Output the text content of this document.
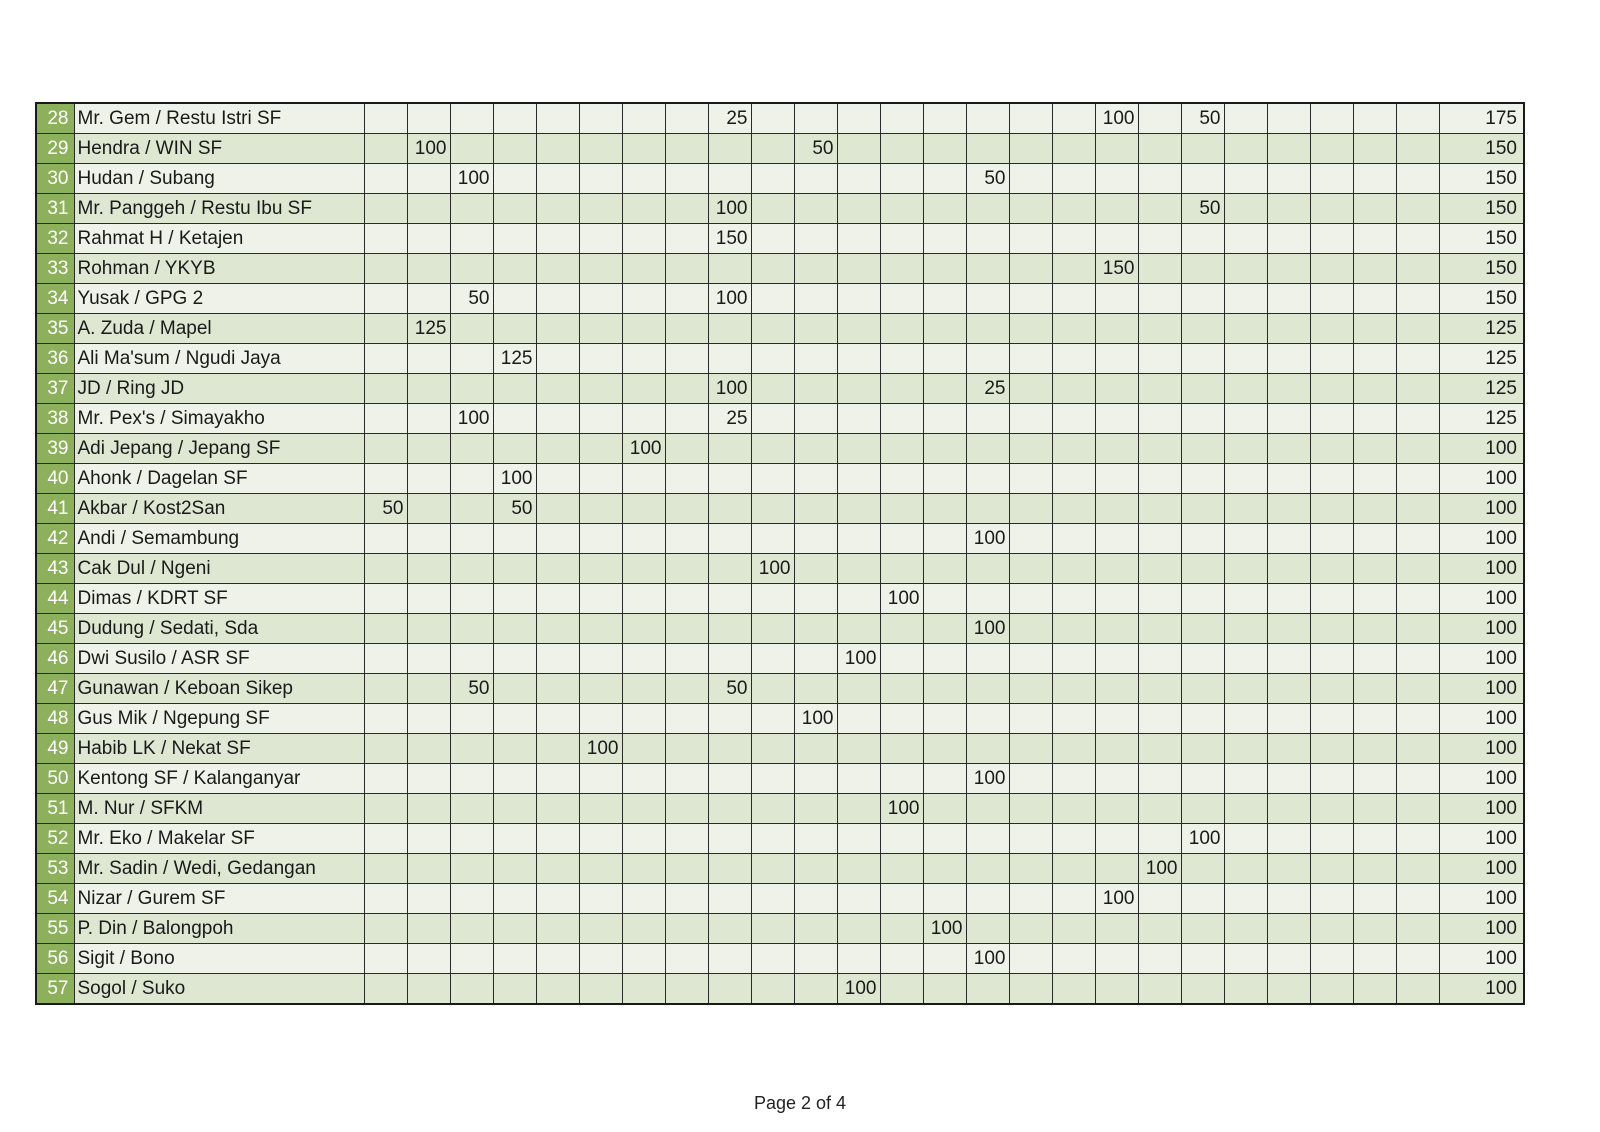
28	Mr. Gem / Restu Istri SF									25									100		50						175
29	Hendra / WIN SF		100									50															150
30	Hudan / Subang			100												50											150
31	Mr. Panggeh / Restu Ibu SF									100											50						150
32	Rahmat H / Ketajen									150																	150
33	Rohman / YKYB																		150								150
34	Yusak / GPG 2			50						100																	150
35	A. Zuda / Mapel		125																								125
36	Ali Ma'sum / Ngudi Jaya				125																						125
37	JD / Ring JD									100						25											125
38	Mr. Pex's / Simayakho			100						25																	125
39	Adi Jepang / Jepang SF							100																			100
40	Ahonk / Dagelan SF				100																						100
41	Akbar / Kost2San	50			50																						100
42	Andi / Semambung															100											100
43	Cak Dul / Ngeni										100																100
44	Dimas / KDRT SF													100													100
45	Dudung / Sedati, Sda															100											100
46	Dwi Susilo / ASR SF												100														100
47	Gunawan / Keboan Sikep			50						50																	100
48	Gus Mik / Ngepung SF											100															100
49	Habib LK / Nekat SF						100																				100
50	Kentong SF / Kalanganyar															100											100
51	M. Nur / SFKM													100													100
52	Mr. Eko / Makelar SF																				100						100
53	Mr. Sadin / Wedi, Gedangan																			100							100
54	Nizar / Gurem SF																		100								100
55	P. Din / Balongpoh														100												100
56	Sigit / Bono															100											100
57	Sogol / Suko												100														100
Page 2 of 4
